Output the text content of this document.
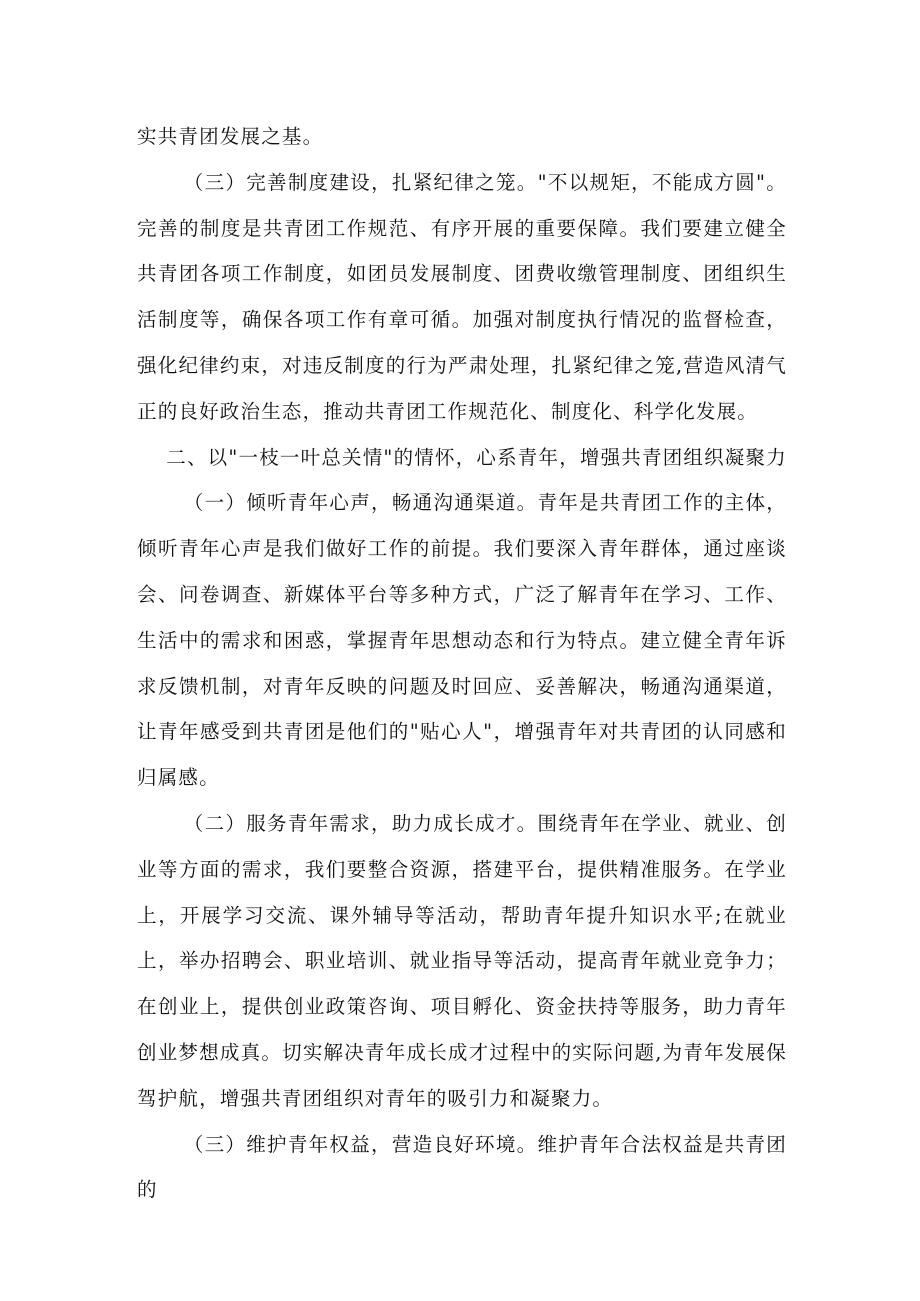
实共青团发展之基。

（三）完善制度建设，扎紧纪律之笼。"不以规矩，不能成方圆"。完善的制度是共青团工作规范、有序开展的重要保障。我们要建立健全共青团各项工作制度，如团员发展制度、团费收缴管理制度、团组织生活制度等，确保各项工作有章可循。加强对制度执行情况的监督检查，强化纪律约束，对违反制度的行为严肃处理，扎紧纪律之笼,营造风清气正的良好政治生态，推动共青团工作规范化、制度化、科学化发展。

二、以"一枝一叶总关情"的情怀，心系青年，增强共青团组织凝聚力

（一）倾听青年心声，畅通沟通渠道。青年是共青团工作的主体，倾听青年心声是我们做好工作的前提。我们要深入青年群体，通过座谈会、问卷调查、新媒体平台等多种方式，广泛了解青年在学习、工作、生活中的需求和困惑，掌握青年思想动态和行为特点。建立健全青年诉求反馈机制，对青年反映的问题及时回应、妥善解决，畅通沟通渠道，让青年感受到共青团是他们的"贴心人"，增强青年对共青团的认同感和归属感。

（二）服务青年需求，助力成长成才。围绕青年在学业、就业、创业等方面的需求，我们要整合资源，搭建平台，提供精准服务。在学业上，开展学习交流、课外辅导等活动，帮助青年提升知识水平;在就业上，举办招聘会、职业培训、就业指导等活动，提高青年就业竞争力；在创业上，提供创业政策咨询、项目孵化、资金扶持等服务，助力青年创业梦想成真。切实解决青年成长成才过程中的实际问题,为青年发展保驾护航，增强共青团组织对青年的吸引力和凝聚力。

（三）维护青年权益，营造良好环境。维护青年合法权益是共青团的
